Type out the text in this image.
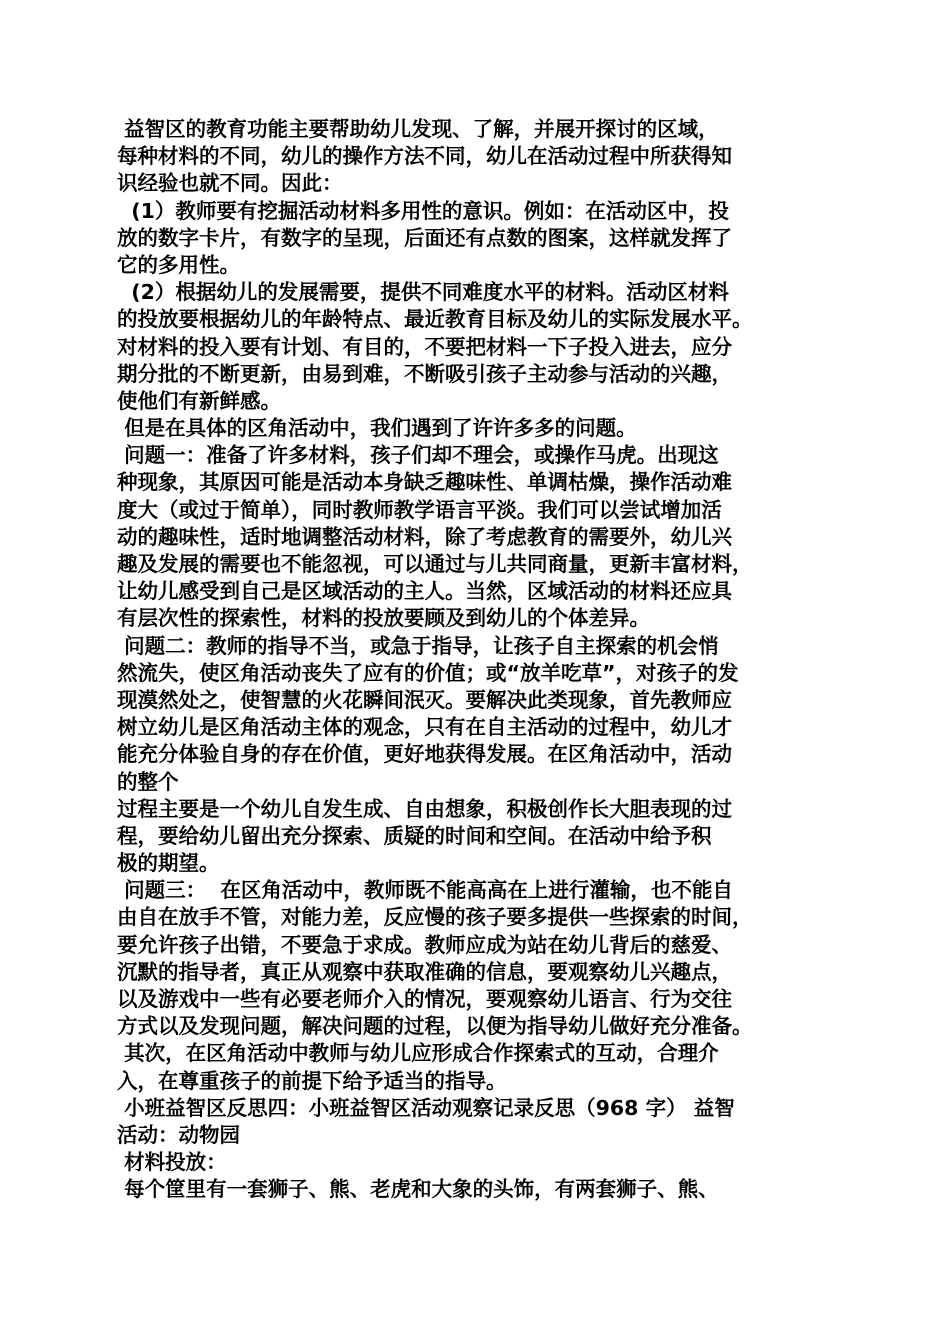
益智区的教育功能主要帮助幼儿发现、了解，并展开探讨的区域，
每种材料的不同，幼儿的操作方法不同，幼儿在活动过程中所获得知
识经验也就不同。因此：
(1）教师要有挖掘活动材料多用性的意识。例如：在活动区中，投
放的数字卡片，有数字的呈现，后面还有点数的图案，这样就发挥了
它的多用性。
(2）根据幼儿的发展需要，提供不同难度水平的材料。活动区材料
的投放要根据幼儿的年龄特点、最近教育目标及幼儿的实际发展水平。
对材料的投入要有计划、有目的，不要把材料一下子投入进去，应分
期分批的不断更新，由易到难，不断吸引孩子主动参与活动的兴趣，
使他们有新鲜感。
但是在具体的区角活动中，我们遇到了许许多多的问题。
问题一：准备了许多材料，孩子们却不理会，或操作马虎。出现这
种现象，其原因可能是活动本身缺乏趣味性、单调枯燥，操作活动难
度大（或过于简单），同时教师教学语言平淡。我们可以尝试增加活
动的趣味性，适时地调整活动材料，除了考虑教育的需要外，幼儿兴
趣及发展的需要也不能忽视，可以通过与儿共同商量，更新丰富材料，
让幼儿感受到自己是区域活动的主人。当然，区域活动的材料还应具
有层次性的探索性，材料的投放要顾及到幼儿的个体差异。
问题二：教师的指导不当，或急于指导，让孩子自主探索的机会悄
然流失，使区角活动丧失了应有的价值；或“放羊吃草”，对孩子的发
现漠然处之，使智慧的火花瞬间泯灭。要解决此类现象，首先教师应
树立幼儿是区角活动主体的观念，只有在自主活动的过程中，幼儿才
能充分体验自身的存在价值，更好地获得发展。在区角活动中，活动
的整个
过程主要是一个幼儿自发生成、自由想象，积极创作长大胆表现的过
程，要给幼儿留出充分探索、质疑的时间和空间。在活动中给予积
极的期望。
问题三：  在区角活动中，教师既不能高高在上进行灌输，也不能自
由自在放手不管，对能力差，反应慢的孩子要多提供一些探索的时间，
要允许孩子出错，不要急于求成。教师应成为站在幼儿背后的慈爱、
沉默的指导者，真正从观察中获取准确的信息，要观察幼儿兴趣点，
以及游戏中一些有必要老师介入的情况，要观察幼儿语言、行为交往
方式以及发现问题，解决问题的过程，以便为指导幼儿做好充分准备。
其次，在区角活动中教师与幼儿应形成合作探索式的互动，合理介
入，在尊重孩子的前提下给予适当的指导。
小班益智区反思四：小班益智区活动观察记录反思（968 字） 益智
活动：动物园
材料投放：
每个筐里有一套狮子、熊、老虎和大象的头饰，有两套狮子、熊、
